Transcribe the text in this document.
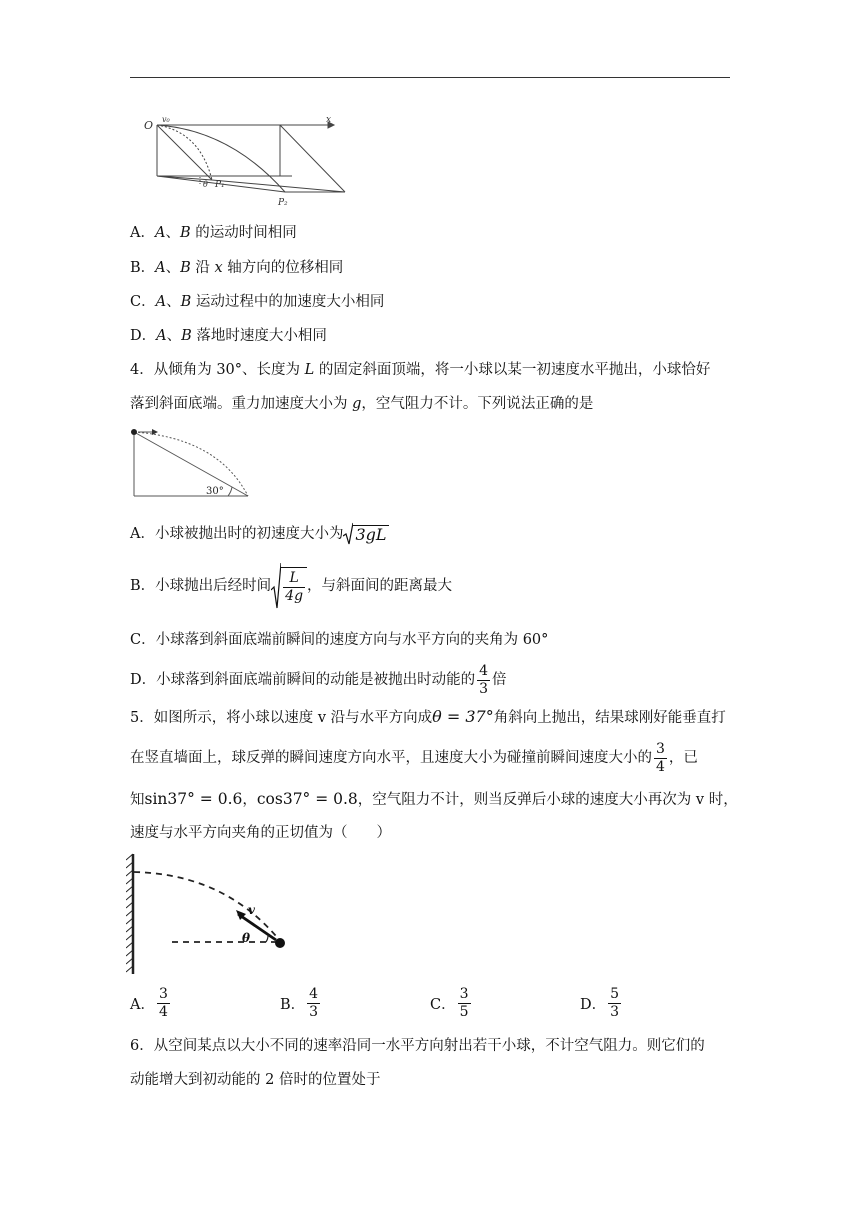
O v₀	x
θ P₁
P₂
A．A、B 的运动时间相同
B．A、B 沿 x 轴方向的位移相同
C．A、B 运动过程中的加速度大小相同
D．A、B 落地时速度大小相同
4．从倾角为 30°、长度为 L 的固定斜面顶端，将一小球以某一初速度水平抛出，小球恰好
落到斜面底端。重力加速度大小为 g，空气阻力不计。下列说法正确的是
30°
A．小球被抛出时的初速度大小为 3gL
B．小球抛出后经时间 $\frac{L}{4g}$ ，与斜面间的距离最大
C．小球落到斜面底端前瞬间的速度方向与水平方向的夹角为 60°
D．小球落到斜面底端前瞬间的动能是被抛出时动能的 $\frac{4}{3}$ 倍
5．如图所示，将小球以速度 v 沿与水平方向成θ = 37°角斜向上抛出，结果球刚好能垂直打
在竖直墙面上，球反弹的瞬间速度方向水平，且速度大小为碰撞前瞬间速度大小的 $\frac{3}{4}$ ，已
知sin37° = 0.6，cos37° = 0.8，空气阻力不计，则当反弹后小球的速度大小再次为 v 时，
速度与水平方向夹角的正切值为（　　）
v
θ
A． $\frac{3}{4}$	B． $\frac{4}{3}$	C． $\frac{3}{5}$	D． $\frac{5}{3}$
6．从空间某点以大小不同的速率沿同一水平方向射出若干小球，不计空气阻力。则它们的
动能增大到初动能的 2 倍时的位置处于
